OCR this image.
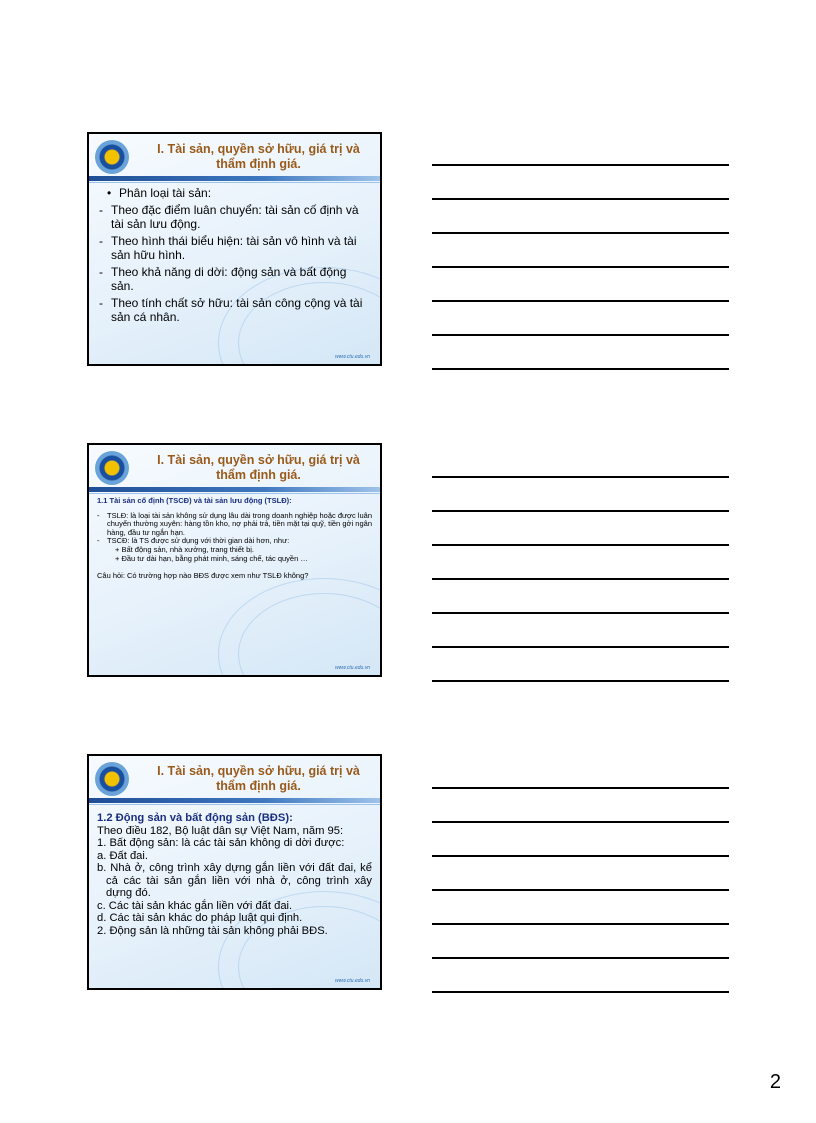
I. Tài sản, quyền sở hữu, giá trị và
thẩm định giá.
• Phân loại tài sản:
- Theo đặc điểm luân chuyển: tài sản cố định và tài sản lưu động.
- Theo hình thái biểu hiện: tài sản vô hình và tài sản hữu hình.
- Theo khả năng di dời: động sản và bất động sản.
- Theo tính chất sở hữu: tài sản công cộng và tài sản cá nhân.
www.ctu.edu.vn
I. Tài sản, quyền sở hữu, giá trị và
thẩm định giá.
1.1 Tài sản cố định (TSCĐ) và tài sản lưu động (TSLĐ):
-	TSLĐ: là loại tài sản không sử dụng lâu dài trong doanh nghiệp hoặc được luân chuyển thường xuyên: hàng tồn kho, nợ phải trả, tiền mặt tại quỹ, tiền gởi ngân hàng, đầu tư ngắn hạn.
-	TSCĐ: là TS được sử dụng với thời gian dài hơn, như:
+ Bất động sản, nhà xưởng, trang thiết bị.
+ Đầu tư dài hạn, bằng phát minh, sáng chế, tác quyền …
Câu hỏi: Có trường hợp nào BĐS được xem như TSLĐ không?
www.ctu.edu.vn
I. Tài sản, quyền sở hữu, giá trị và
thẩm định giá.

1.2 Động sản và bất động sản (BĐS):

Theo điều 182, Bộ luật dân sự Việt Nam, năm 95:

1. Bất động sản: là các tài sản không di dời được:

a. Đất đai.

b. Nhà ở, công trình xây dựng gắn liền với đất đai, kể cả các tài sản gắn liền với nhà ở, công trình xây dựng đó.

c. Các tài sản khác gắn liền với đất đai.

d. Các tài sản khác do pháp luật qui định.

2. Động sản là những tài sản không phải BĐS.

www.ctu.edu.vn
2
